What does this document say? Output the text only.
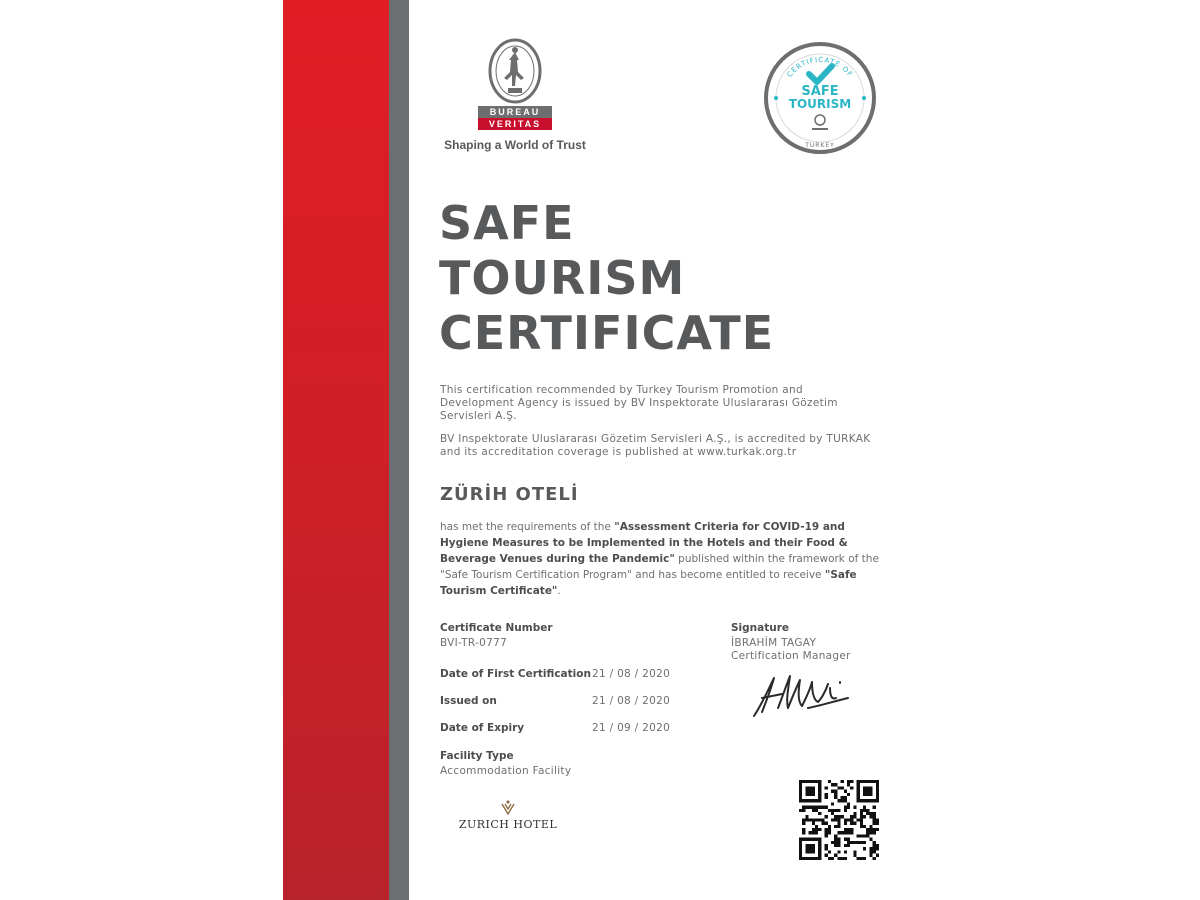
BUREAU
VERITAS
Shaping a World of Trust
CERTIFICATE OF
SAFE
TOURISM
TURKEY
SAFE
TOURISM
CERTIFICATE
This certification recommended by Turkey Tourism Promotion and Development Agency is issued by BV Inspektorate Uluslararası Gözetim Servisleri A.Ş.
BV Inspektorate Uluslararası Gözetim Servisleri A.Ş., is accredited by TURKAK and its accreditation coverage is published at www.turkak.org.tr
ZÜRİH OTELİ
has met the requirements of the "Assessment Criteria for COVID-19 and Hygiene Measures to be Implemented in the Hotels and their Food & Beverage Venues during the Pandemic" published within the framework of the "Safe Tourism Certification Program" and has become entitled to receive "Safe Tourism Certificate".
Certificate Number
BVI-TR-0777
Date of First Certification 21 / 08 / 2020
Issued on	21 / 08 / 2020
Date of Expiry	21 / 09 / 2020
Facility Type
Accommodation Facility
Signature
İBRAHİM TAGAY
Certification Manager
ZURICH HOTEL
